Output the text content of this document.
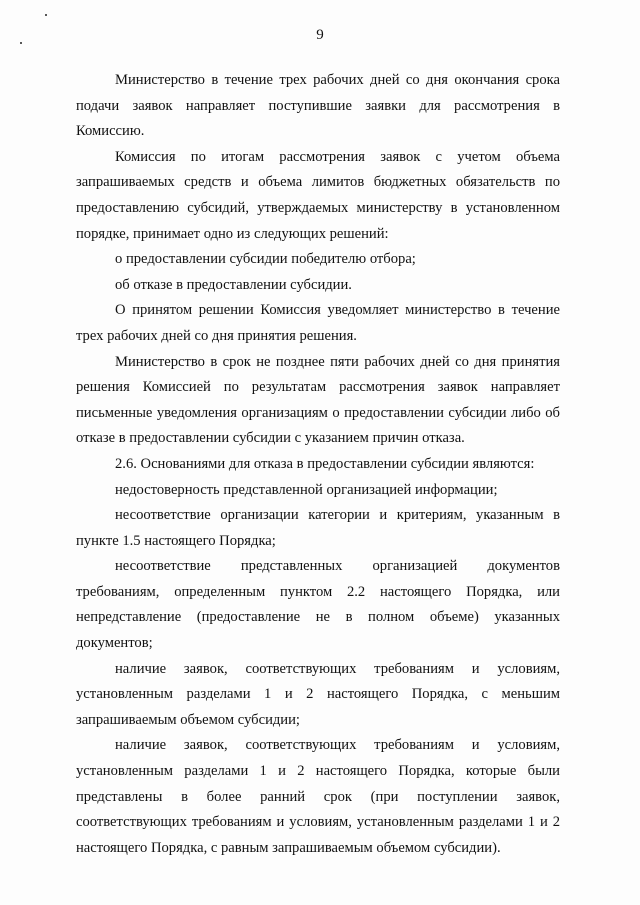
9

Министерство в течение трех рабочих дней со дня окончания срока подачи заявок направляет поступившие заявки для рассмотрения в Комиссию.

Комиссия по итогам рассмотрения заявок с учетом объема запрашиваемых средств и объема лимитов бюджетных обязательств по предоставлению субсидий, утверждаемых министерству в установленном порядке, принимает одно из следующих решений:

о предоставлении субсидии победителю отбора;

об отказе в предоставлении субсидии.

О принятом решении Комиссия уведомляет министерство в течение трех рабочих дней со дня принятия решения.

Министерство в срок не позднее пяти рабочих дней со дня принятия решения Комиссией по результатам рассмотрения заявок направляет письменные уведомления организациям о предоставлении субсидии либо об отказе в предоставлении субсидии с указанием причин отказа.

2.6. Основаниями для отказа в предоставлении субсидии являются:

недостоверность представленной организацией информации;

несоответствие организации категории и критериям, указанным в пункте 1.5 настоящего Порядка;

несоответствие представленных организацией документов требованиям, определенным пунктом 2.2 настоящего Порядка, или непредставление (предоставление не в полном объеме) указанных документов;

наличие заявок, соответствующих требованиям и условиям, установленным разделами 1 и 2 настоящего Порядка, с меньшим запрашиваемым объемом субсидии;

наличие заявок, соответствующих требованиям и условиям, установленным разделами 1 и 2 настоящего Порядка, которые были представлены в более ранний срок (при поступлении заявок, соответствующих требованиям и условиям, установленным разделами 1 и 2 настоящего Порядка, с равным запрашиваемым объемом субсидии).
